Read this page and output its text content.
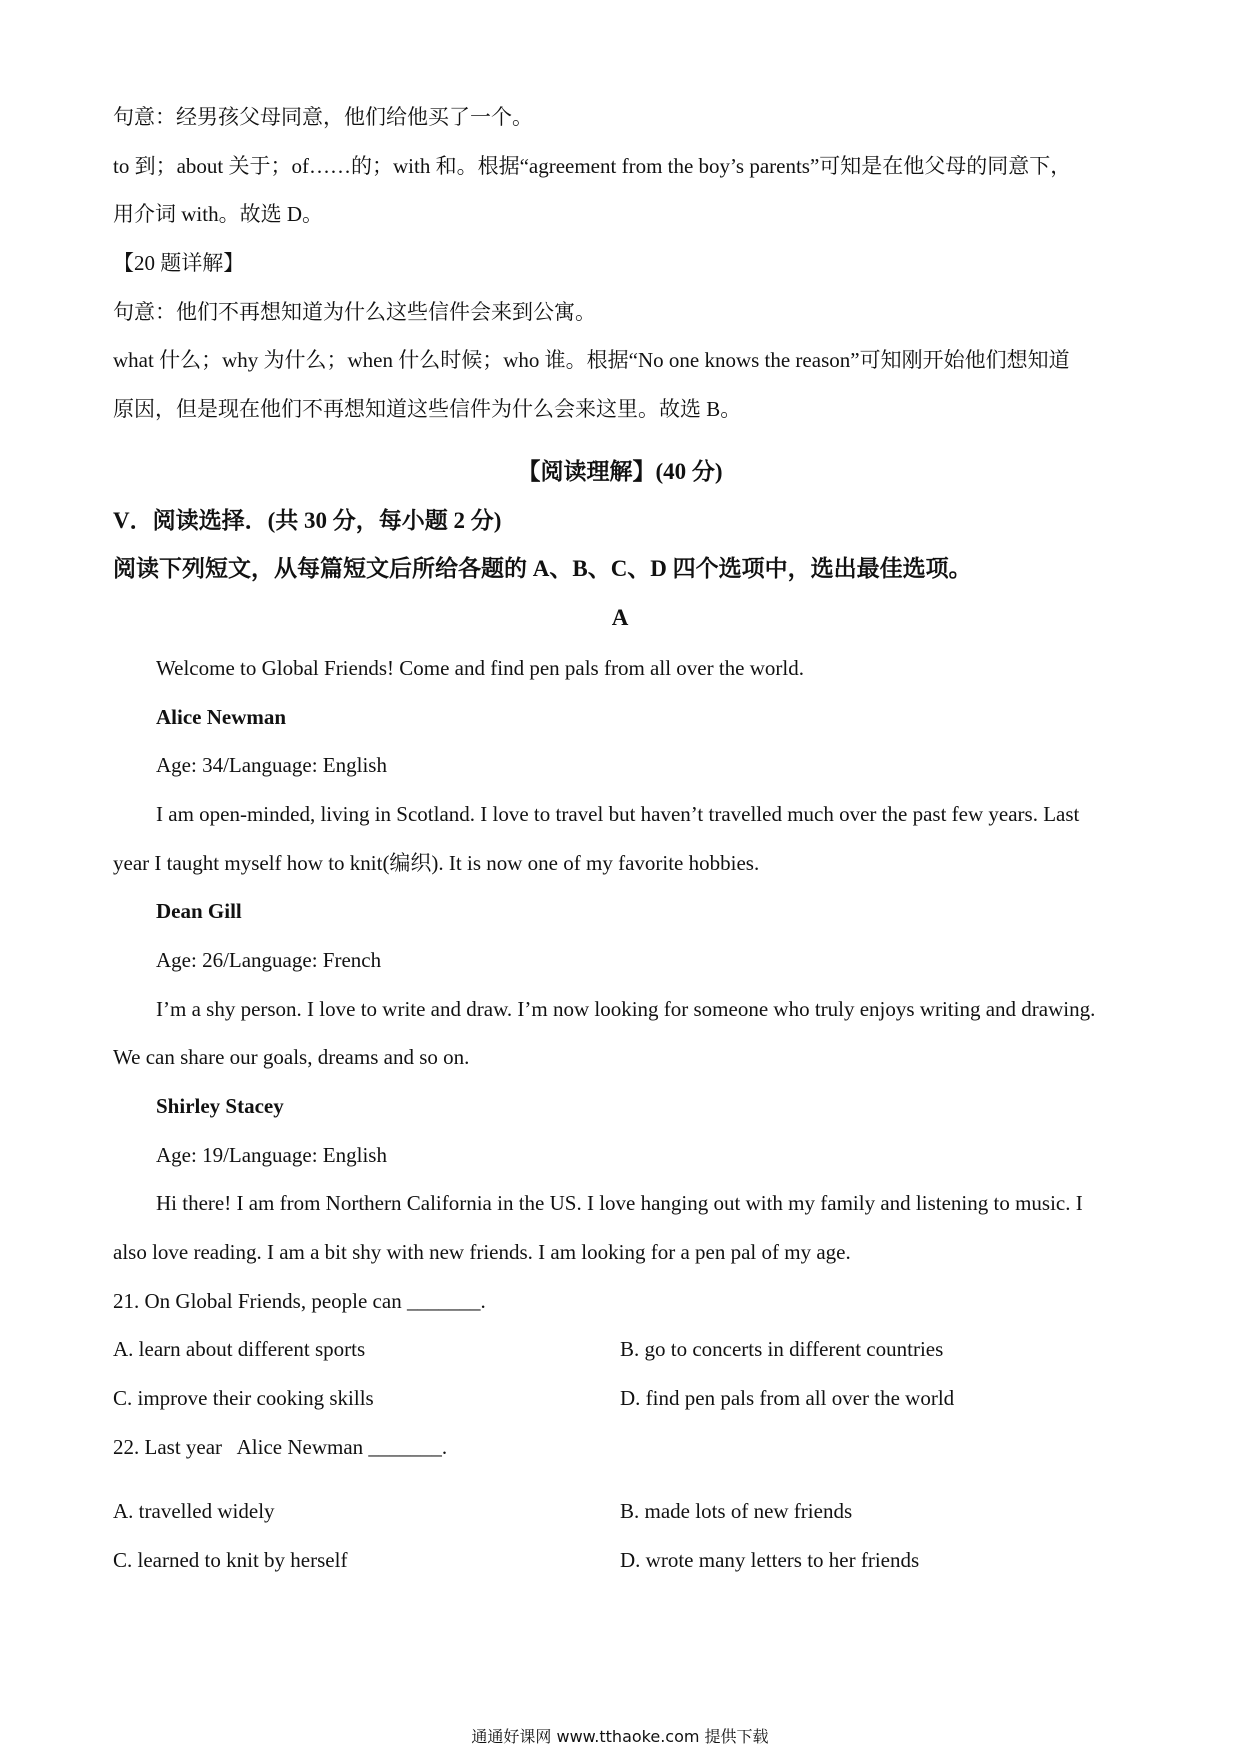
句意：经男孩父母同意，他们给他买了一个。
to 到；about 关于；of……的；with 和。根据“agreement from the boy’s parents”可知是在他父母的同意下，
用介词 with。故选 D。
【20 题详解】
句意：他们不再想知道为什么这些信件会来到公寓。
what 什么；why 为什么；when 什么时候；who 谁。根据“No one knows the reason”可知刚开始他们想知道
原因，但是现在他们不再想知道这些信件为什么会来这里。故选 B。
【阅读理解】(40 分)
V．阅读选择．(共 30 分，每小题 2 分)
阅读下列短文，从每篇短文后所给各题的 A、B、C、D 四个选项中，选出最佳选项。
A
Welcome to Global Friends! Come and find pen pals from all over the world.
Alice Newman
Age: 34/Language: English
I am open-minded, living in Scotland. I love to travel but haven’t travelled much over the past few years. Last
year I taught myself how to knit(编织). It is now one of my favorite hobbies.
Dean Gill
Age: 26/Language: French
I’m a shy person. I love to write and draw. I’m now looking for someone who truly enjoys writing and drawing.
We can share our goals, dreams and so on.
Shirley Stacey
Age: 19/Language: English
Hi there! I am from Northern California in the US. I love hanging out with my family and listening to music. I
also love reading. I am a bit shy with new friends. I am looking for a pen pal of my age.
21. On Global Friends, people can _______.
A. learn about different sports	B. go to concerts in different countries
C. improve their cooking skills	D. find pen pals from all over the world
22. Last year   Alice Newman _______.
A. travelled widely	B. made lots of new friends
C. learned to knit by herself	D. wrote many letters to her friends
通通好课网 www.tthaoke.com 提供下载
